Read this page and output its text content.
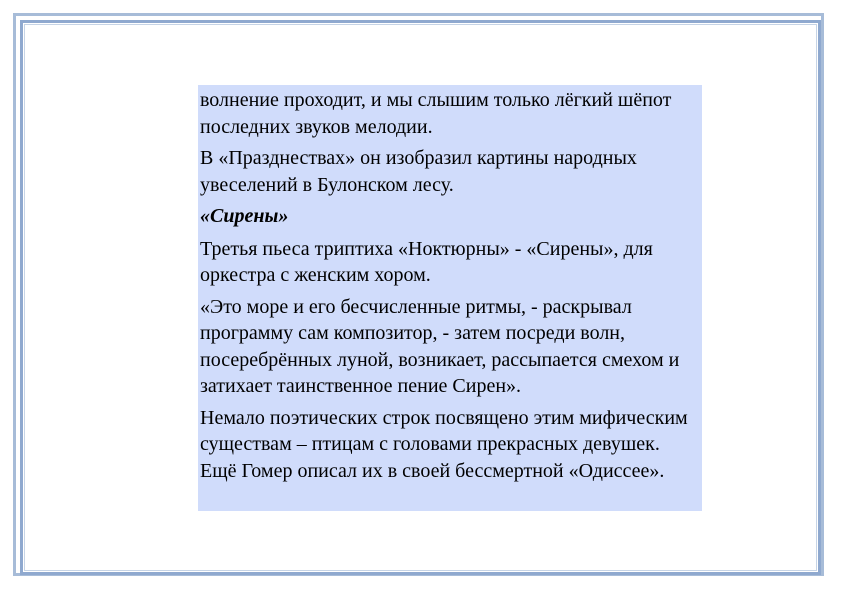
волнение проходит, и мы слышим только лёгкий шёпот последних звуков мелодии.

В «Празднествах» он изобразил картины народных увеселений в Булонском лесу.

«Сирены»

Третья пьеса триптиха «Ноктюрны» - «Сирены», для оркестра с женским хором.

«Это море и его бесчисленные ритмы, - раскрывал программу сам композитор, - затем посреди волн, посеребрённых луной, возникает, рассыпается смехом и затихает таинственное пение Сирен».

Немало поэтических строк посвящено этим мифическим существам – птицам с головами прекрасных девушек. Ещё Гомер описал их в своей бессмертной «Одиссее».
